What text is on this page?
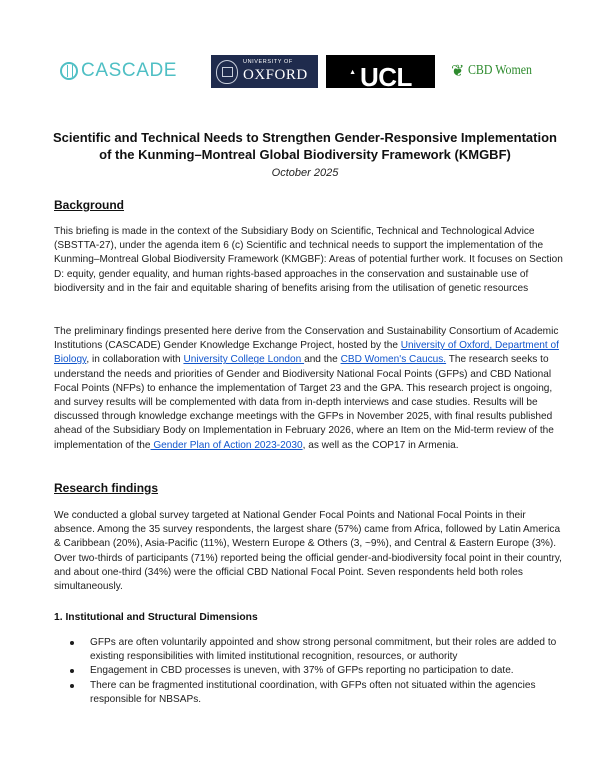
CASCADE	UNIVERSITY OF
OXFORD	▲ UCL ❦ CBD Women
Scientific and Technical Needs to Strengthen Gender-Responsive Implementation
of the Kunming–Montreal Global Biodiversity Framework (KMGBF)
October 2025
Background

This briefing is made in the context of the Subsidiary Body on Scientific, Technical and Technological Advice (SBSTTA-27), under the agenda item 6 (c) Scientific and technical needs to support the implementation of the Kunming–Montreal Global Biodiversity Framework (KMGBF): Areas of potential further work. It focuses on Section D: equity, gender equality, and human rights-based approaches in the conservation and sustainable use of biodiversity and in the fair and equitable sharing of benefits arising from the utilisation of genetic resources

The preliminary findings presented here derive from the Conservation and Sustainability Consortium of Academic Institutions (CASCADE) Gender Knowledge Exchange Project, hosted by the University of Oxford, Department of Biology, in collaboration with University College London and the CBD Women's Caucus. The research seeks to understand the needs and priorities of Gender and Biodiversity National Focal Points (GFPs) and CBD National Focal Points (NFPs) to enhance the implementation of Target 23 and the GPA. This research project is ongoing, and survey results will be complemented with data from in-depth interviews and case studies. Results will be discussed through knowledge exchange meetings with the GFPs in November 2025, with final results published ahead of the Subsidiary Body on Implementation in February 2026, where an Item on the Mid-term review of the implementation of the Gender Plan of Action 2023-2030, as well as the COP17 in Armenia.

Research findings

We conducted a global survey targeted at National Gender Focal Points and National Focal Points in their absence. Among the 35 survey respondents, the largest share (57%) came from Africa, followed by Latin America & Caribbean (20%), Asia-Pacific (11%), Western Europe & Others (3, ~9%), and Central & Eastern Europe (3%). Over two-thirds of participants (71%) reported being the official gender-and-biodiversity focal point in their country, and about one-third (34%) were the official CBD National Focal Point. Seven respondents held both roles simultaneously.

1. Institutional and Structural Dimensions
GFPs are often voluntarily appointed and show strong personal commitment, but their roles are added to existing responsibilities with limited institutional recognition, resources, or authority
Engagement in CBD processes is uneven, with 37% of GFPs reporting no participation to date.
There can be fragmented institutional coordination, with GFPs often not situated within the agencies responsible for NBSAPs.
